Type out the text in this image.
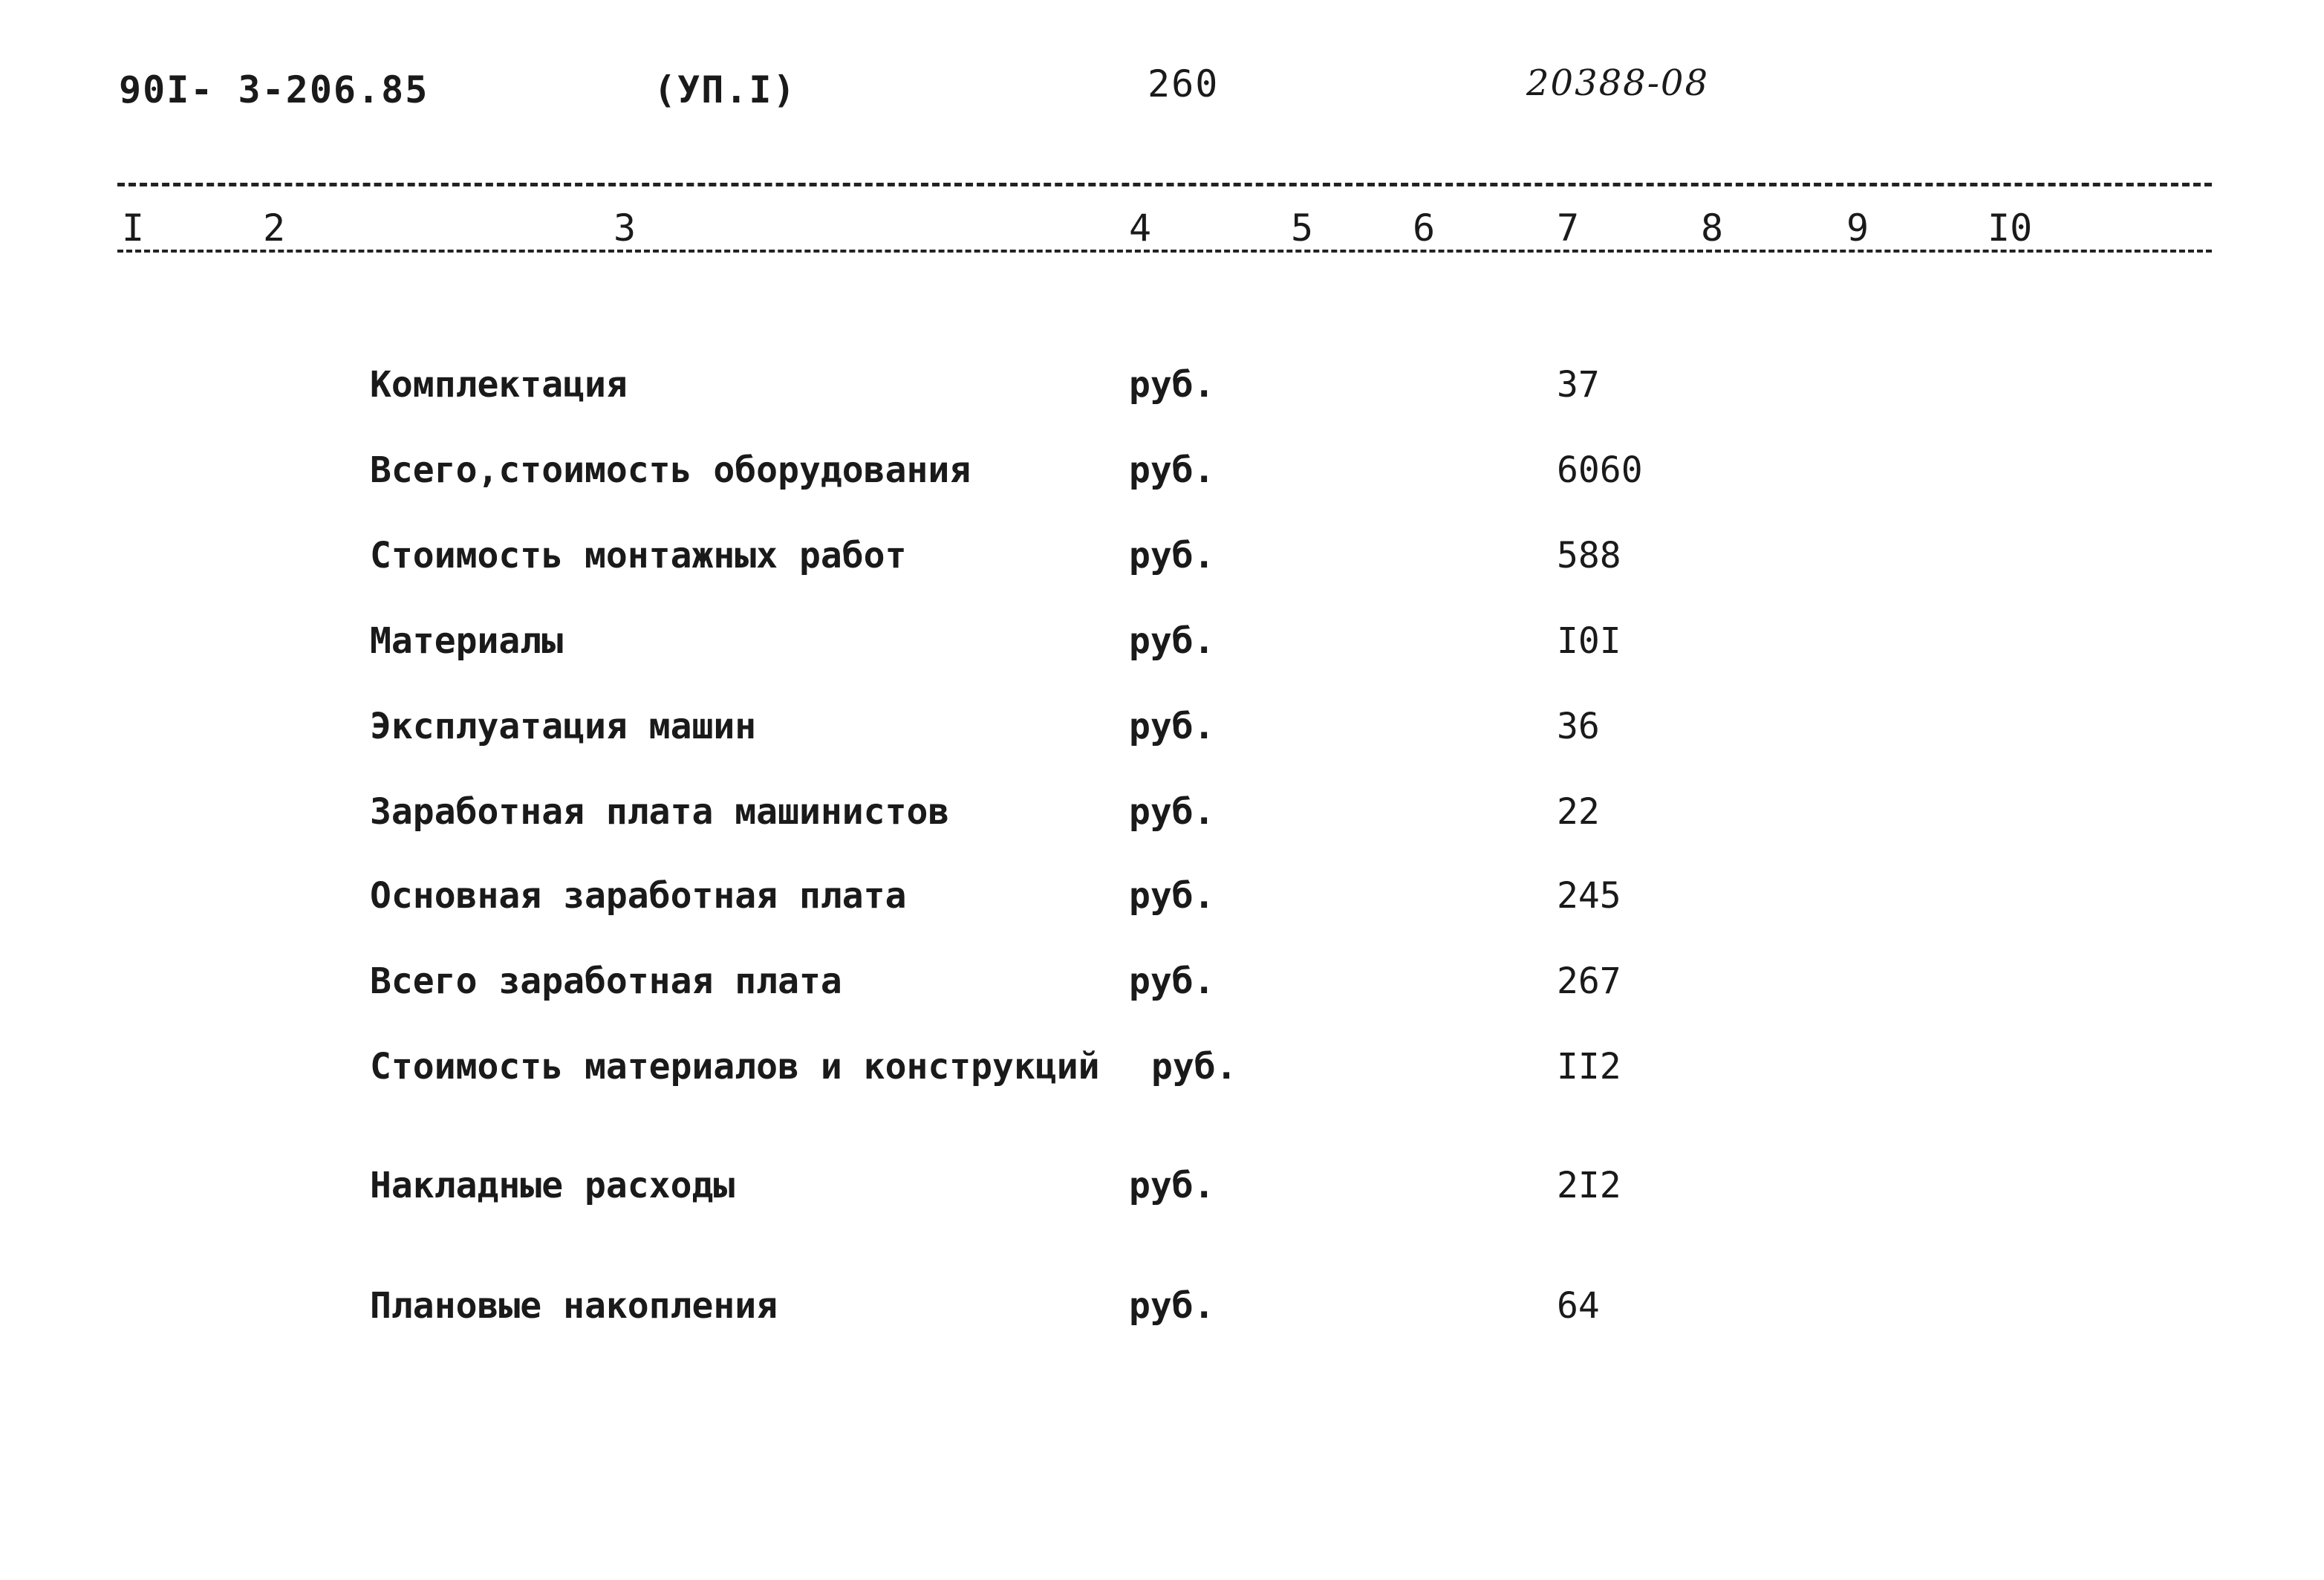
90I- 3-206.85	(УП.I)	260	20388-08
I	2	3	4	5	6	7	8	9	I0
Комплектация	руб.	37
Всего,стоимость оборудования	руб.	6060
Стоимость монтажных работ	руб.	588
Материалы	руб.	I0I
Эксплуатация машин	руб.	36
Заработная плата машинистов	руб.	22
Основная заработная плата	руб.	245
Всего заработная плата	руб.	267
Стоимость материалов и конструкций руб.	II2
Накладные расходы	руб.	2I2
Плановые накопления	руб.	64
